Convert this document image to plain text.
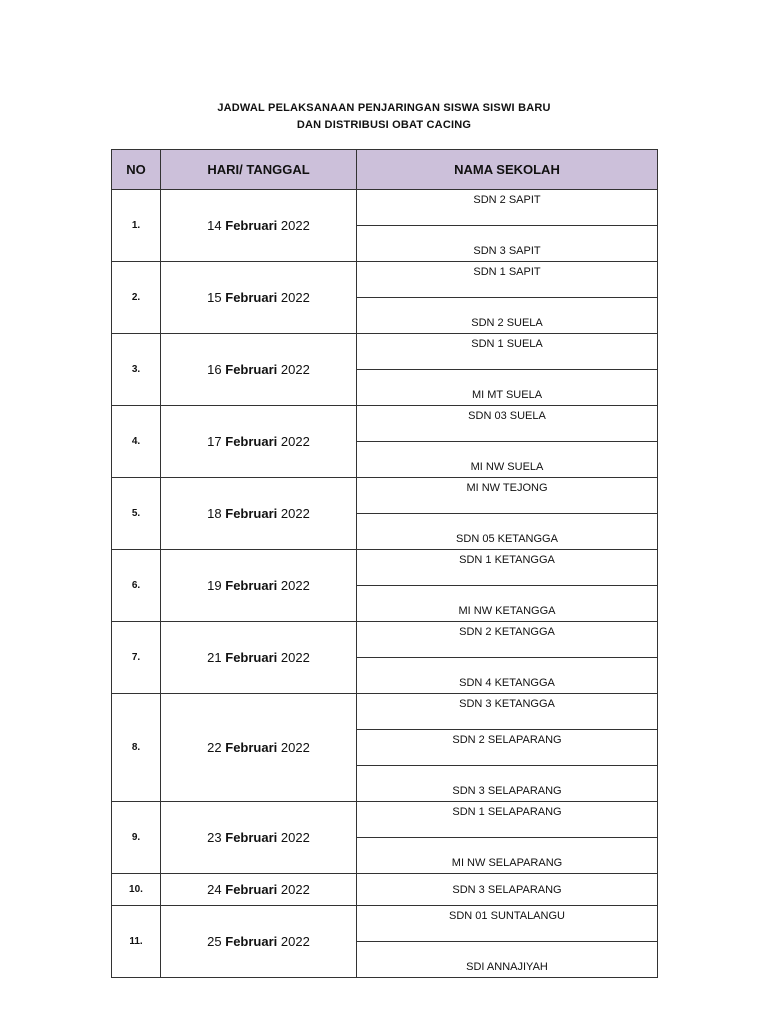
JADWAL PELAKSANAAN PENJARINGAN SISWA SISWI BARU
DAN DISTRIBUSI OBAT CACING
NO	HARI/ TANGGAL	NAMA SEKOLAH
1.	14 Februari 2022	SDN 2 SAPIT
		SDN 3 SAPIT
2.	15 Februari 2022	SDN 1 SAPIT
		SDN 2 SUELA
3.	16 Februari 2022	SDN 1 SUELA
		MI MT SUELA
4.	17 Februari 2022	SDN 03 SUELA
		MI NW SUELA
5.	18 Februari 2022	MI NW TEJONG
		SDN 05 KETANGGA
6.	19 Februari 2022	SDN 1 KETANGGA
		MI NW KETANGGA
7.	21 Februari 2022	SDN 2 KETANGGA
		SDN 4 KETANGGA
8.	22 Februari 2022	SDN 3 KETANGGA
		SDN 2 SELAPARANG
		SDN 3 SELAPARANG
9.	23 Februari 2022	SDN 1 SELAPARANG
		MI NW SELAPARANG
10.	24 Februari 2022	SDN 3 SELAPARANG
11.	25 Februari 2022	SDN 01 SUNTALANGU
		SDI ANNAJIYAH
